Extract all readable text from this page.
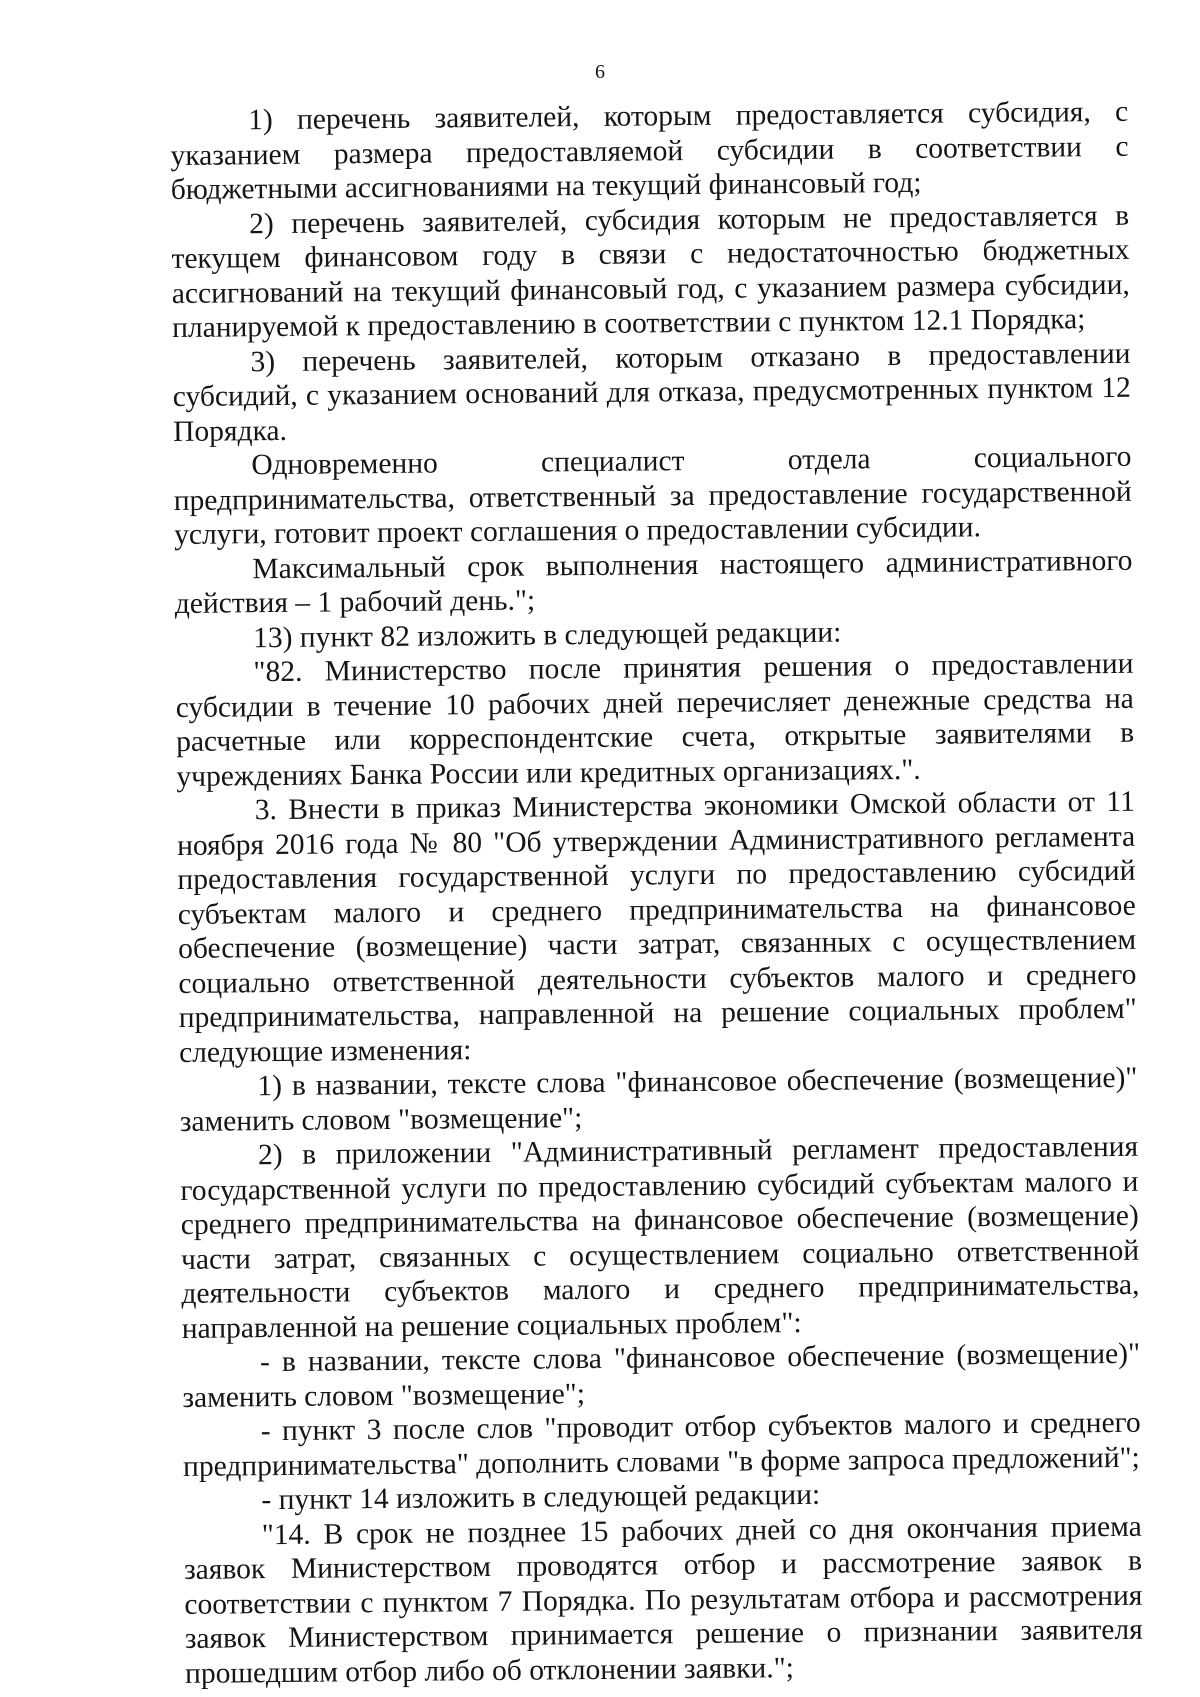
6

1) перечень заявителей, которым предоставляется субсидия, с указанием размера предоставляемой субсидии в соответствии с бюджетными ассигнованиями на текущий финансовый год;

2) перечень заявителей, субсидия которым не предоставляется в текущем финансовом году в связи с недостаточностью бюджетных ассигнований на текущий финансовый год, с указанием размера субсидии, планируемой к предоставлению в соответствии с пунктом 12.1 Порядка;

3) перечень заявителей, которым отказано в предоставлении субсидий, с указанием оснований для отказа, предусмотренных пунктом 12 Порядка.

Одновременно специалист отдела социального предпринимательства, ответственный за предоставление государственной услуги, готовит проект соглашения о предоставлении субсидии.

Максимальный срок выполнения настоящего административного действия – 1 рабочий день.";

13) пункт 82 изложить в следующей редакции:

"82. Министерство после принятия решения о предоставлении субсидии в течение 10 рабочих дней перечисляет денежные средства на расчетные или корреспондентские счета, открытые заявителями в учреждениях Банка России или кредитных организациях.".

3. Внести в приказ Министерства экономики Омской области от 11 ноября 2016 года № 80 "Об утверждении Административного регламента предоставления государственной услуги по предоставлению субсидий субъектам малого и среднего предпринимательства на финансовое обеспечение (возмещение) части затрат, связанных с осуществлением социально ответственной деятельности субъектов малого и среднего предпринимательства, направленной на решение социальных проблем" следующие изменения:

1) в названии, тексте слова "финансовое обеспечение (возмещение)" заменить словом "возмещение";

2) в приложении "Административный регламент предоставления государственной услуги по предоставлению субсидий субъектам малого и среднего предпринимательства на финансовое обеспечение (возмещение) части затрат, связанных с осуществлением социально ответственной деятельности субъектов малого и среднего предпринимательства, направленной на решение социальных проблем":

- в названии, тексте слова "финансовое обеспечение (возмещение)" заменить словом "возмещение";

- пункт 3 после слов "проводит отбор субъектов малого и среднего предпринимательства" дополнить словами "в форме запроса предложений";

- пункт 14 изложить в следующей редакции:

"14. В срок не позднее 15 рабочих дней со дня окончания приема заявок Министерством проводятся отбор и рассмотрение заявок в соответствии с пунктом 7 Порядка. По результатам отбора и рассмотрения заявок Министерством принимается решение о признании заявителя прошедшим отбор либо об отклонении заявки.";
